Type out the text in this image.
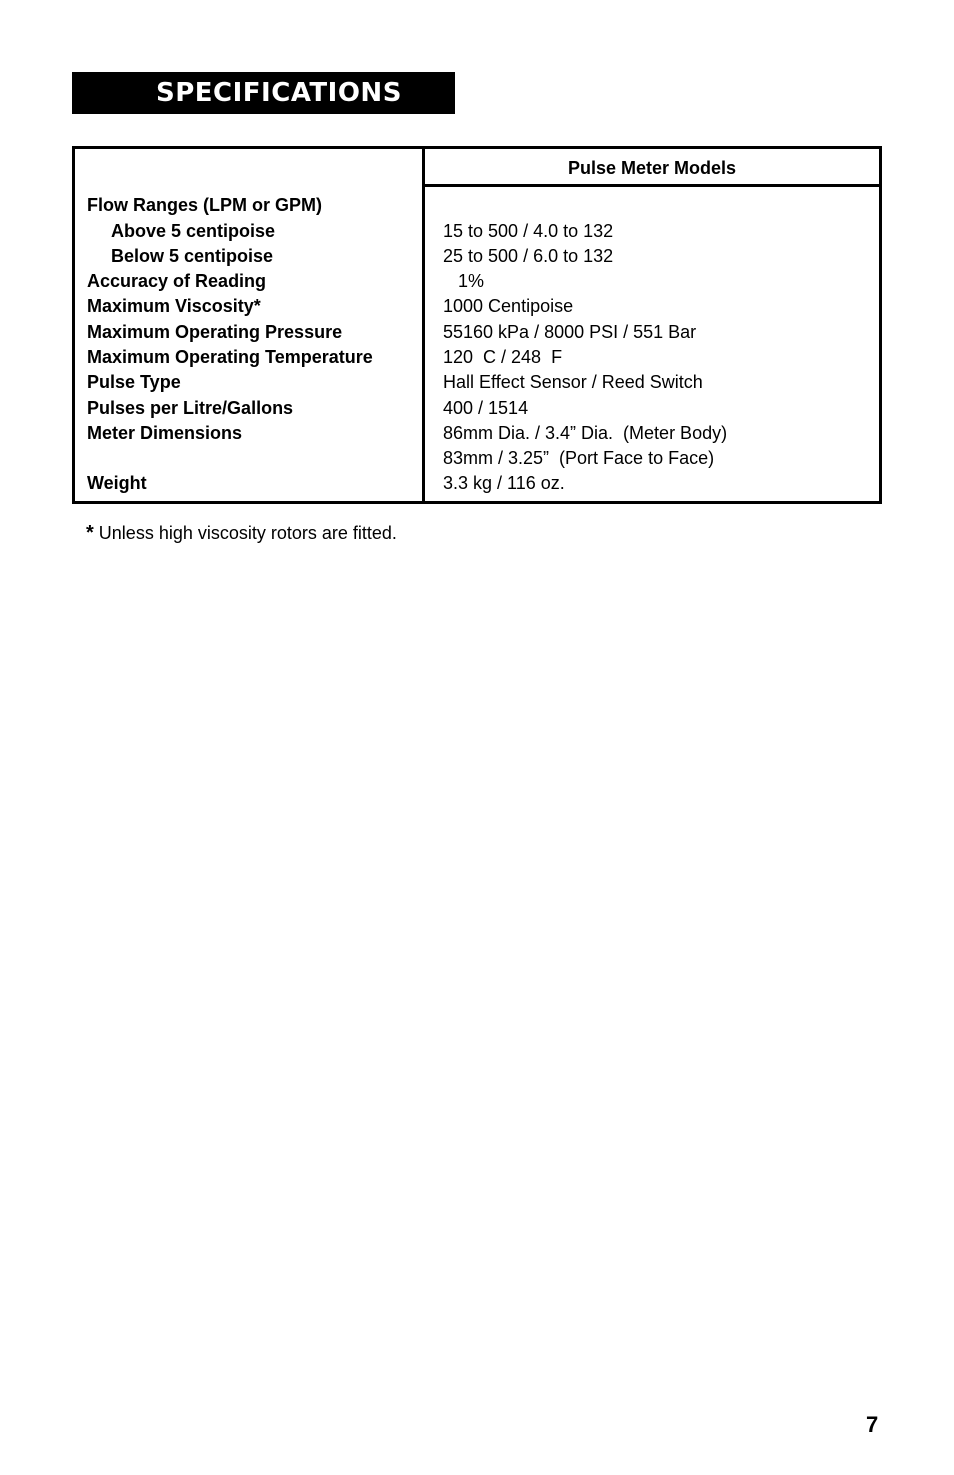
SPECIFICATIONS
Pulse Meter Models
Flow Ranges (LPM or GPM)
Above 5 centipoise	15 to 500 / 4.0 to 132
Below 5 centipoise	25 to 500 / 6.0 to 132
Accuracy of Reading	1%
Maximum Viscosity*	1000 Centipoise
Maximum Operating Pressure	55160 kPa / 8000 PSI / 551 Bar
Maximum Operating Temperature	120  C / 248  F
Pulse Type	Hall Effect Sensor / Reed Switch
Pulses per Litre/Gallons	400 / 1514
Meter Dimensions	86mm Dia. / 3.4” Dia.  (Meter Body)
83mm / 3.25”  (Port Face to Face)
Weight	3.3 kg / 116 oz.
* Unless high viscosity rotors are fitted.
7
